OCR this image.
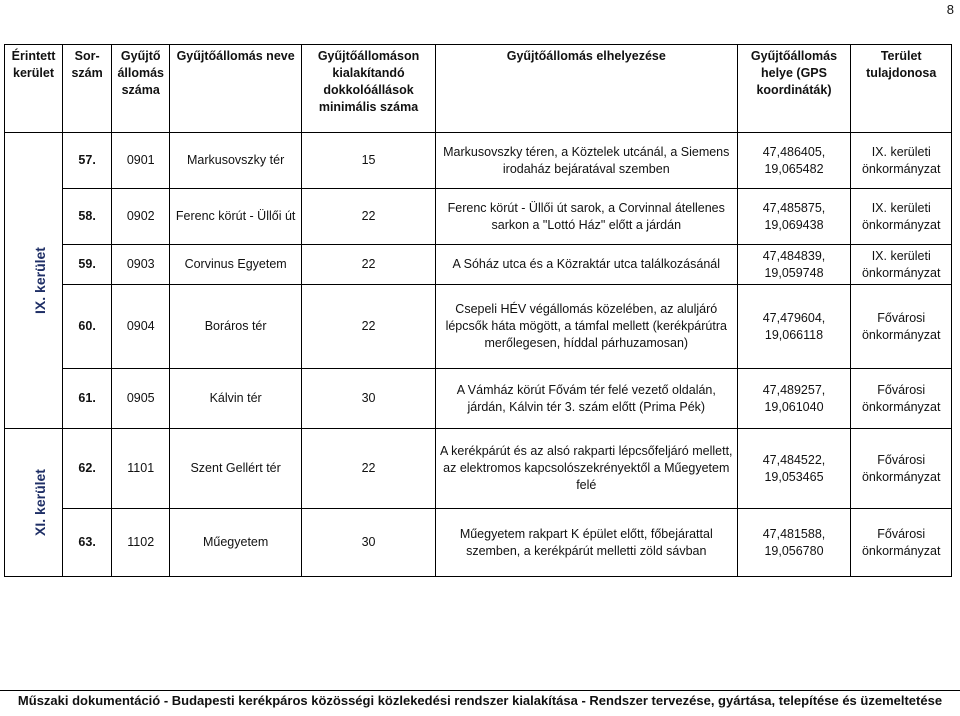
8
Érintett kerület	Sor-szám	Gyűjtő állomás száma	Gyűjtőállomás neve	Gyűjtőállomáson kialakítandó dokkolóállások minimális száma	Gyűjtőállomás elhelyezése	Gyűjtőállomás helye (GPS koordináták)	Terület tulajdonosa
IX. kerület	57.	0901	Markusovszky tér	15	Markusovszky téren, a Köztelek utcánál, a Siemens irodaház bejáratával szemben	47,486405, 19,065482	IX. kerületi önkormányzat
	58.	0902	Ferenc körút - Üllői út	22	Ferenc körút - Üllői út sarok, a Corvinnal átellenes sarkon a "Lottó Ház" előtt a járdán	47,485875, 19,069438	IX. kerületi önkormányzat
	59.	0903	Corvinus Egyetem	22	A Sóház utca és a Közraktár utca találkozásánál	47,484839, 19,059748	IX. kerületi önkormányzat
	60.	0904	Boráros tér	22	Csepeli HÉV végállomás közelében, az aluljáró lépcsők háta mögött, a támfal mellett (kerékpárútra merőlegesen, híddal párhuzamosan)	47,479604, 19,066118	Fővárosi önkormányzat
	61.	0905	Kálvin tér	30	A Vámház körút Fővám tér felé vezető oldalán, járdán, Kálvin tér 3. szám előtt (Prima Pék)	47,489257, 19,061040	Fővárosi önkormányzat
XI. kerület	62.	1101	Szent Gellért tér	22	A kerékpárút és az alsó rakparti lépcsőfeljáró mellett, az elektromos kapcsolószekrényektől a Műegyetem felé	47,484522, 19,053465	Fővárosi önkormányzat
	63.	1102	Műegyetem	30	Műegyetem rakpart K épület előtt, főbejárattal szemben, a kerékpárút melletti zöld sávban	47,481588, 19,056780	Fővárosi önkormányzat
Műszaki dokumentáció - Budapesti kerékpáros közösségi közlekedési rendszer kialakítása - Rendszer tervezése, gyártása, telepítése és üzemeltetése
